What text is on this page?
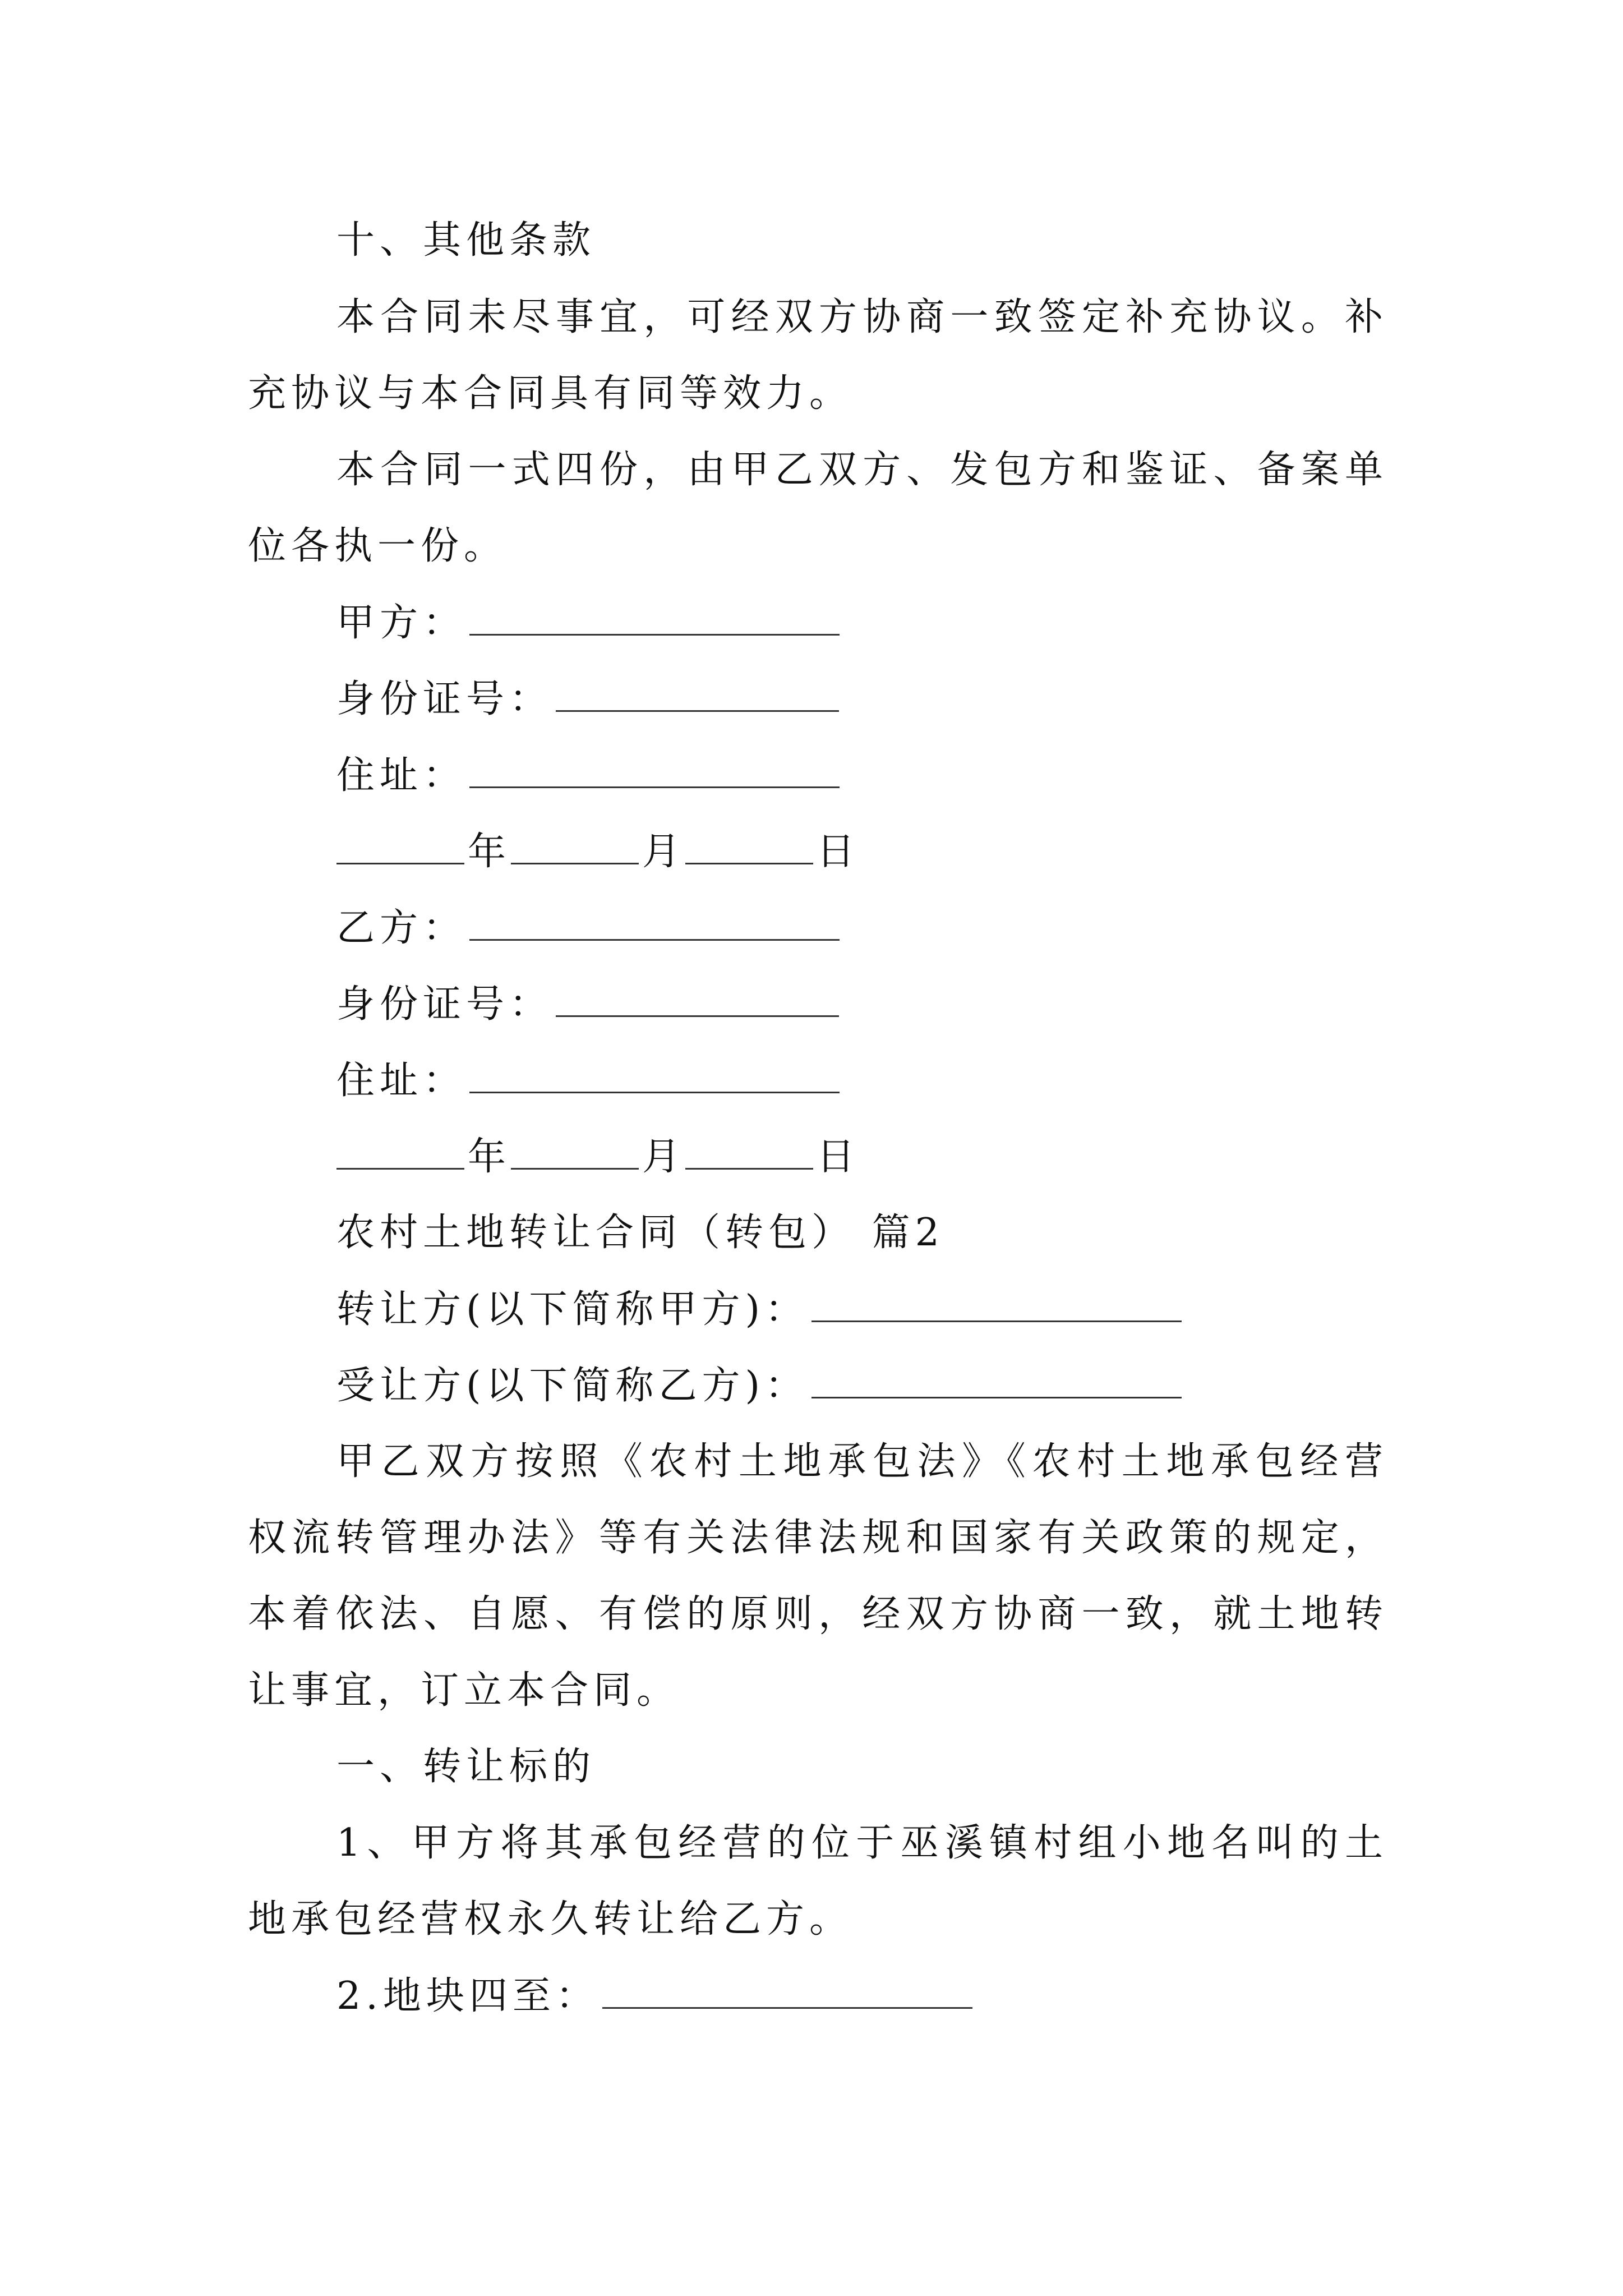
十、其他条款
本合同未尽事宜，可经双方协商一致签定补充协议。补
充协议与本合同具有同等效力。
本合同一式四份，由甲乙双方、发包方和鉴证、备案单
位各执一份。
甲方：
身份证号：
住址：
年	月	日
乙方：
身份证号：
住址：
年	月	日
农村土地转让合同（转包） 篇2
转让方(以下简称甲方)：
受让方(以下简称乙方)：
甲乙双方按照《农村土地承包法》《农村土地承包经营
权流转管理办法》等有关法律法规和国家有关政策的规定，
本着依法、自愿、有偿的原则，经双方协商一致，就土地转
让事宜，订立本合同。
一、转让标的
1、甲方将其承包经营的位于巫溪镇村组小地名叫的土
地承包经营权永久转让给乙方。
2.地块四至：
